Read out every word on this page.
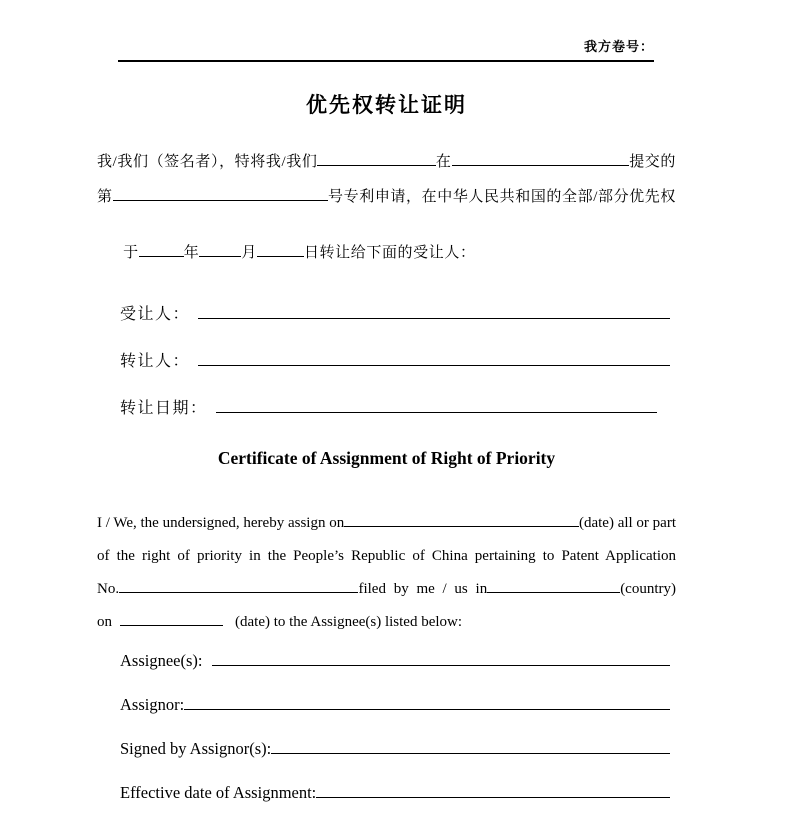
我方卷号：
优先权转让证明
我/我们（签名者），特将我/我们	在	提交的
第	号专利申请，在中华人民共和国的全部/部分优先权

于	年	月	日转让给下面的受让人：

受让人：
转让人：
转让日期：
Certificate of Assignment of Right of Priority
I / We, the undersigned, hereby assign on	(date) all or part
of the right of priority in the People’s Republic of China pertaining to Patent Application
No.	filed by me / us in	(country)
on	(date) to the Assignee(s) listed below:
Assignee(s):
Assignor:
Signed by Assignor(s):
Effective date of Assignment:
